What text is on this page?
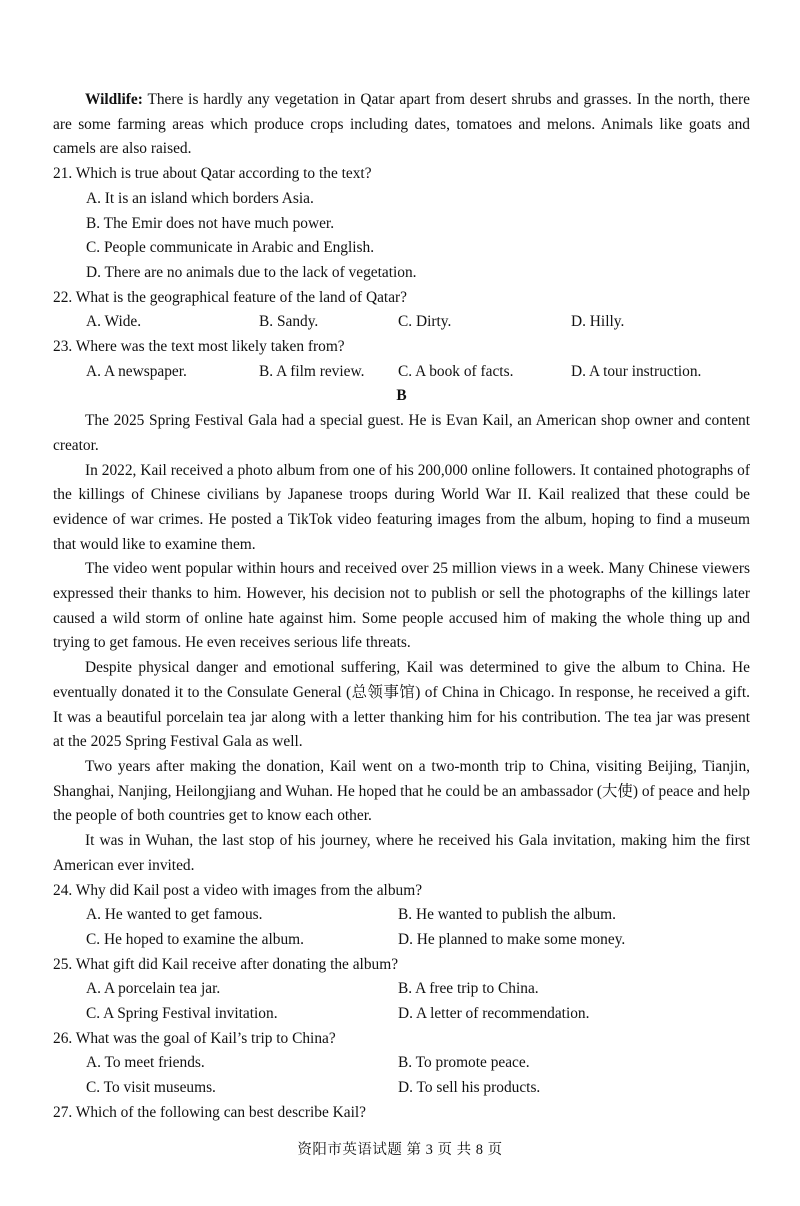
Wildlife: There is hardly any vegetation in Qatar apart from desert shrubs and grasses. In the north, there are some farming areas which produce crops including dates, tomatoes and melons. Animals like goats and camels are also raised.

21. Which is true about Qatar according to the text?

A. It is an island which borders Asia.

B. The Emir does not have much power.

C. People communicate in Arabic and English.

D. There are no animals due to the lack of vegetation.

22. What is the geographical feature of the land of Qatar?

A. Wide.	B. Sandy.	C. Dirty.	D. Hilly.

23. Where was the text most likely taken from?

A. A newspaper.	B. A film review.	C. A book of facts.	D. A tour instruction.

B

The 2025 Spring Festival Gala had a special guest. He is Evan Kail, an American shop owner and content creator.

In 2022, Kail received a photo album from one of his 200,000 online followers. It contained photographs of the killings of Chinese civilians by Japanese troops during World War II. Kail realized that these could be evidence of war crimes. He posted a TikTok video featuring images from the album, hoping to find a museum that would like to examine them.

The video went popular within hours and received over 25 million views in a week. Many Chinese viewers expressed their thanks to him. However, his decision not to publish or sell the photographs of the killings later caused a wild storm of online hate against him. Some people accused him of making the whole thing up and trying to get famous. He even receives serious life threats.

Despite physical danger and emotional suffering, Kail was determined to give the album to China. He eventually donated it to the Consulate General (总领事馆) of China in Chicago. In response, he received a gift. It was a beautiful porcelain tea jar along with a letter thanking him for his contribution. The tea jar was present at the 2025 Spring Festival Gala as well.

Two years after making the donation, Kail went on a two-month trip to China, visiting Beijing, Tianjin, Shanghai, Nanjing, Heilongjiang and Wuhan. He hoped that he could be an ambassador (大使) of peace and help the people of both countries get to know each other.

It was in Wuhan, the last stop of his journey, where he received his Gala invitation, making him the first American ever invited.

24. Why did Kail post a video with images from the album?

A. He wanted to get famous.	B. He wanted to publish the album.
C. He hoped to examine the album.	D. He planned to make some money.

25. What gift did Kail receive after donating the album?

A. A porcelain tea jar.	B. A free trip to China.
C. A Spring Festival invitation.	D. A letter of recommendation.

26. What was the goal of Kail’s trip to China?

A. To meet friends.	B. To promote peace.
C. To visit museums.	D. To sell his products.

27. Which of the following can best describe Kail?

资阳市英语试题 第 3 页 共 8 页
